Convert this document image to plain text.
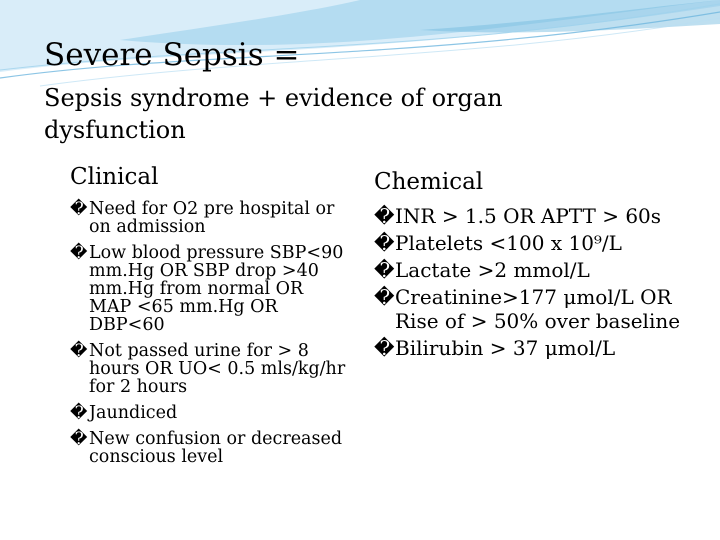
Severe Sepsis =
Sepsis syndrome + evidence of organ dysfunction
Clinical
� Need for O2 pre hospital or on admission
� Low blood pressure SBP<90 mm.Hg OR SBP drop >40 mm.Hg from normal OR MAP <65 mm.Hg OR DBP<60
� Not passed urine for > 8 hours OR UO< 0.5 mls/kg/hr for 2 hours
� Jaundiced
� New confusion or decreased conscious level
Chemical
� INR > 1.5 OR APTT > 60s
� Platelets <100 x 10⁹/L
� Lactate >2 mmol/L
� Creatinine>177 μmol/L OR Rise of > 50% over baseline
� Bilirubin > 37 μmol/L
